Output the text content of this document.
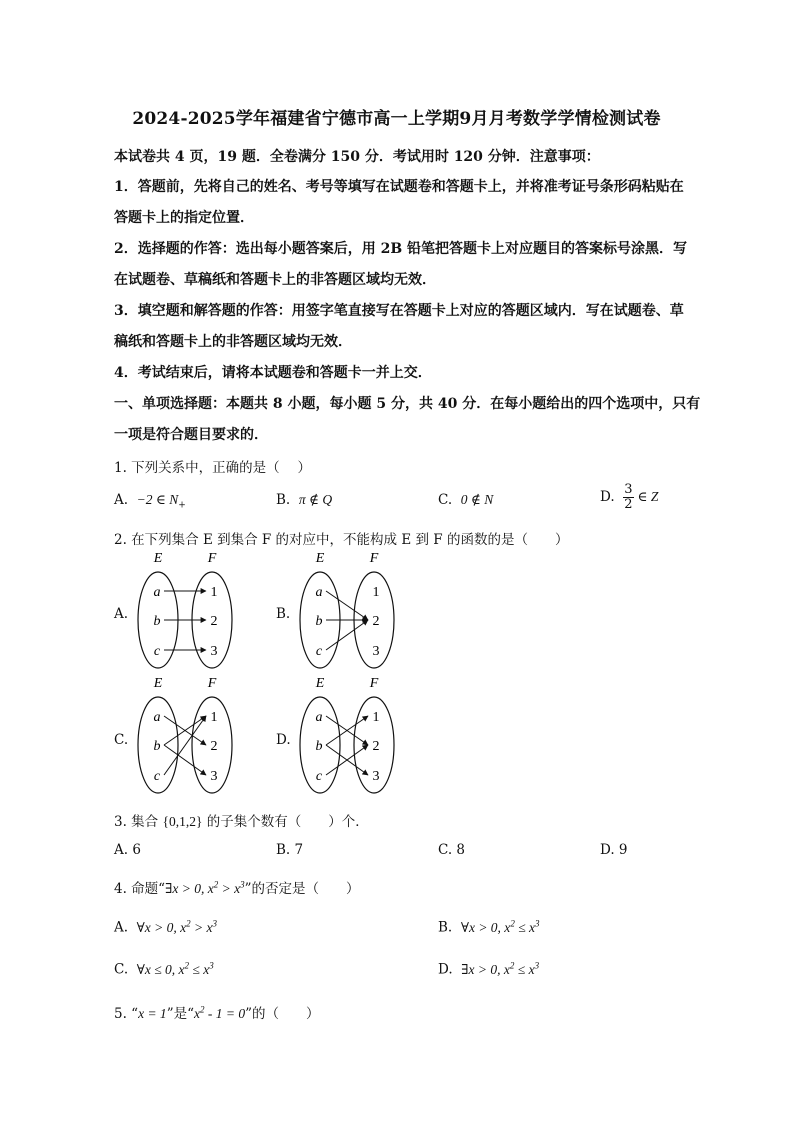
2024-2025学年福建省宁德市高一上学期9月月考数学学情检测试卷
本试卷共 4 页，19 题．全卷满分 150 分．考试用时 120 分钟．注意事项：
1．答题前，先将自己的姓名、考号等填写在试题卷和答题卡上，并将准考证号条形码粘贴在
答题卡上的指定位置．
2．选择题的作答：选出每小题答案后，用 2B 铅笔把答题卡上对应题目的答案标号涂黑．写
在试题卷、草稿纸和答题卡上的非答题区域均无效．
3．填空题和解答题的作答：用签字笔直接写在答题卡上对应的答题区域内．写在试题卷、草
稿纸和答题卡上的非答题区域均无效．
4．考试结束后，请将本试题卷和答题卡一并上交．
一、单项选择题：本题共 8 小题，每小题 5 分，共 40 分．在每小题给出的四个选项中，只有
一项是符合题目要求的．
1. 下列关系中，正确的是（　 ）
A. −2 ∈ $N_+$	B. π ∉ Q	C. 0 ∉ N	D. $\frac{3}{2}$ ∈ Z
2. 在下列集合 E 到集合 F 的对应中，不能构成 E 到 F 的函数的是（　　）
A.	B.
C.	D.
E	F
a
b
c
1
2
3
E	F
a
b
c
1
2
3
E	F
a
b
c
1
2
3
E	F
a
b
c
1
2
3
3. 集合 {0,1,2} 的子集个数有（　　）个．
A. 6	B. 7	C. 8	D. 9
4. 命题“∃x > 0, $x^2 > x^3$”的否定是（　　）
A. ∀x > 0, $x^2 > x^3$	B. ∀x > 0, $x^2 \le x^3$
C. ∀x ≤ 0, $x^2 \le x^3$	D. ∃x > 0, $x^2 \le x^3$
5. “x = 1”是“$x^2 - 1 = 0$”的（　　）
